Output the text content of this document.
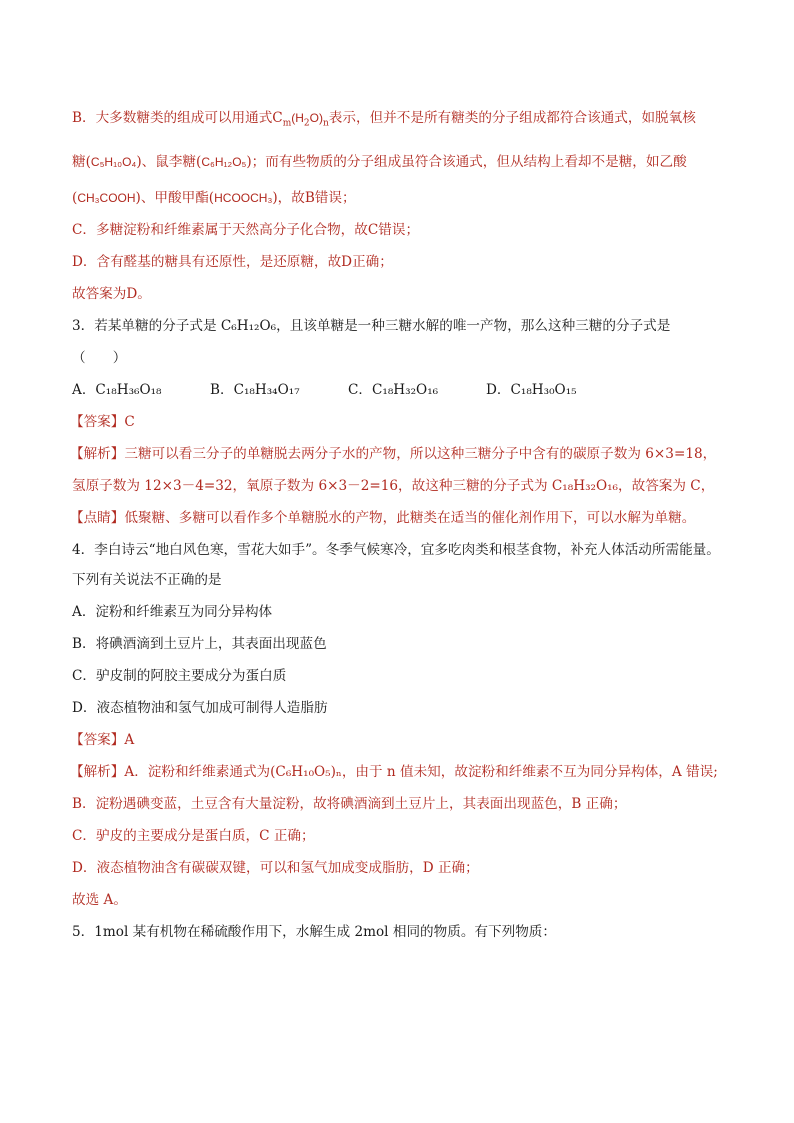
B．大多数糖类的组成可以用通式$C_m(H_2O)_n$表示，但并不是所有糖类的分子组成都符合该通式，如脱氧核
糖(C₅H₁₀O₄)、鼠李糖(C₆H₁₂O₅)；而有些物质的分子组成虽符合该通式，但从结构上看却不是糖，如乙酸
(CH₃COOH)、甲酸甲酯(HCOOCH₃)，故B错误；
C．多糖淀粉和纤维素属于天然高分子化合物，故C错误；
D．含有醛基的糖具有还原性，是还原糖，故D正确；
故答案为D。
3．若某单糖的分子式是 C₆H₁₂O₆，且该单糖是一种三糖水解的唯一产物，那么这种三糖的分子式是
（　　）
A．C₁₈H₃₆O₁₈	B．C₁₈H₃₄O₁₇	C．C₁₈H₃₂O₁₆	D．C₁₈H₃₀O₁₅
【答案】C
【解析】三糖可以看三分子的单糖脱去两分子水的产物，所以这种三糖分子中含有的碳原子数为 6×3=18，
氢原子数为 12×3－4=32，氧原子数为 6×3－2=16，故这种三糖的分子式为 C₁₈H₃₂O₁₆，故答案为 C，
【点睛】低聚糖、多糖可以看作多个单糖脱水的产物，此糖类在适当的催化剂作用下，可以水解为单糖。
4．李白诗云“地白风色寒，雪花大如手”。冬季气候寒冷，宜多吃肉类和根茎食物，补充人体活动所需能量。
下列有关说法不正确的是
A．淀粉和纤维素互为同分异构体
B．将碘酒滴到土豆片上，其表面出现蓝色
C．驴皮制的阿胶主要成分为蛋白质
D．液态植物油和氢气加成可制得人造脂肪
【答案】A
【解析】A．淀粉和纤维素通式为(C₆H₁₀O₅)ₙ，由于 n 值未知，故淀粉和纤维素不互为同分异构体，A 错误;
B．淀粉遇碘变蓝，土豆含有大量淀粉，故将碘酒滴到土豆片上，其表面出现蓝色，B 正确；
C．驴皮的主要成分是蛋白质，C 正确；
D．液态植物油含有碳碳双键，可以和氢气加成变成脂肪，D 正确；
故选 A。
5．1mol 某有机物在稀硫酸作用下，水解生成 2mol 相同的物质。有下列物质：
